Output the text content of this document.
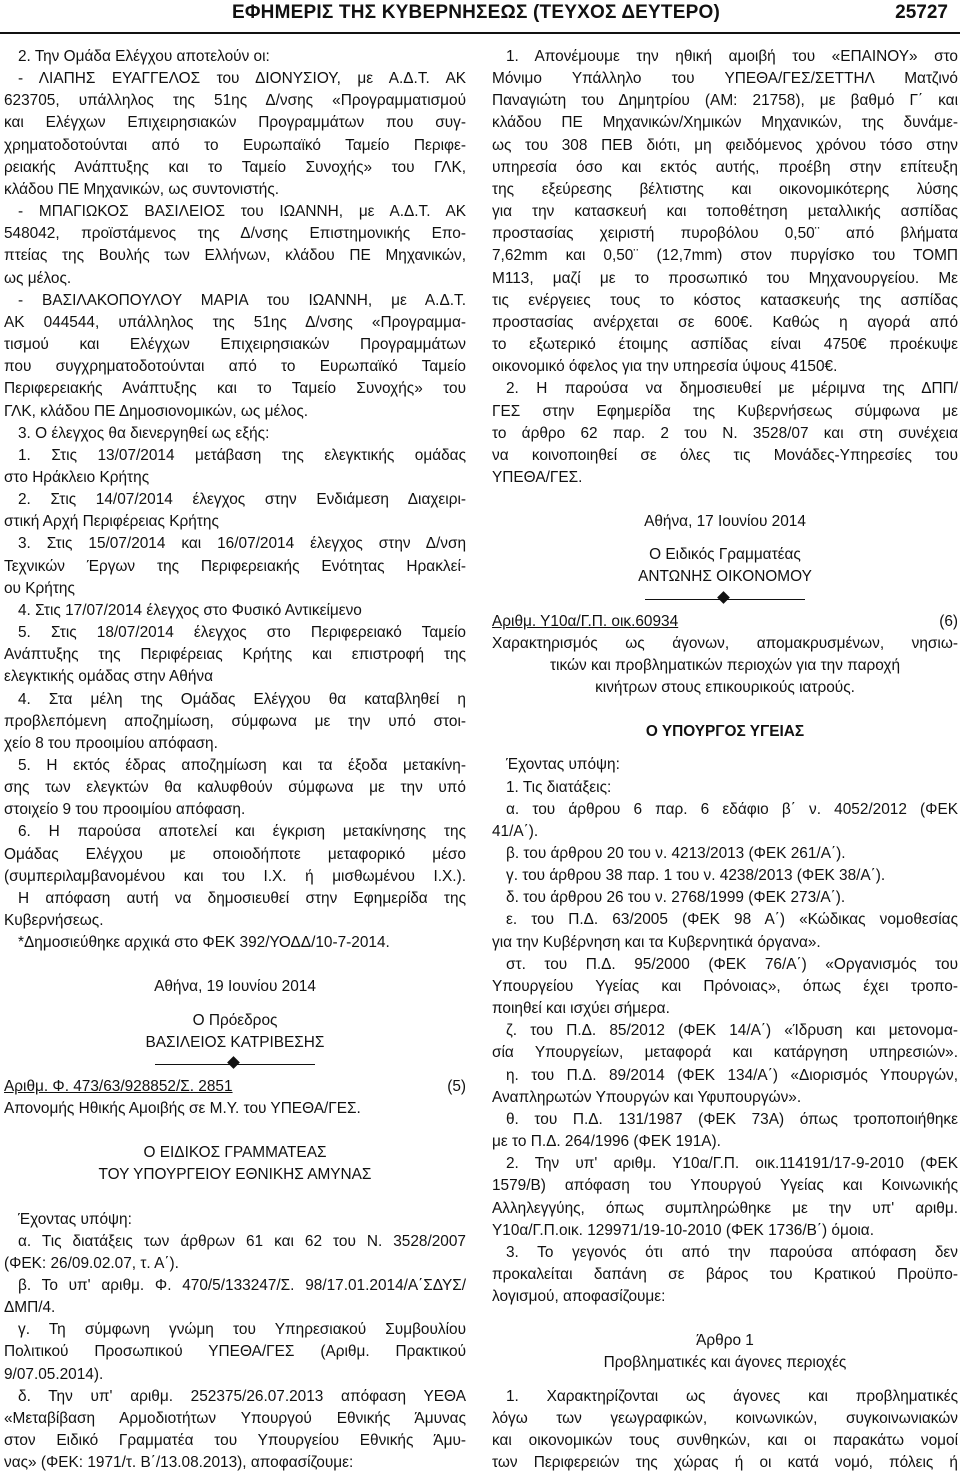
ΕΦΗΜΕΡΙΣ ΤΗΣ ΚΥΒΕΡΝΗΣΕΩΣ (ΤΕΥΧΟΣ ΔΕΥΤΕΡΟ)	25727

2. Την Ομάδα Ελέγχου αποτελούν οι:

- ΛΙΑΠΗΣ ΕΥΑΓΓΕΛΟΣ του ΔΙΟΝΥΣΙΟΥ, με Α.Δ.Τ. ΑΚ

623705, υπάλληλος της 51ης Δ/νσης «Προγραμματισμού

και Ελέγχων Επιχειρησιακών Προγραμμάτων που συγ-

χρηματοδοτούνται από το Ευρωπαϊκό Ταμείο Περιφε-

ρειακής Ανάπτυξης και το Ταμείο Συνοχής» του ΓΛΚ,

κλάδου ΠΕ Μηχανικών, ως συντονιστής.

- ΜΠΑΓΙΩΚΟΣ ΒΑΣΙΛΕΙΟΣ του ΙΩΑΝΝΗ, με Α.Δ.Τ. ΑΚ

548042, προϊστάμενος της Δ/νσης Επιστημονικής Επο-

πτείας της Βουλής των Ελλήνων, κλάδου ΠΕ Μηχανικών,

ως μέλος.

- ΒΑΣΙΛΑΚΟΠΟΥΛΟΥ ΜΑΡΙΑ του ΙΩΑΝΝΗ, με Α.Δ.Τ.

ΑΚ 044544, υπάλληλος της 51ης Δ/νσης «Προγραμμα-

τισμού και Ελέγχων Επιχειρησιακών Προγραμμάτων

που συγχρηματοδοτούνται από το Ευρωπαϊκό Ταμείο

Περιφερειακής Ανάπτυξης και το Ταμείο Συνοχής» του

ΓΛΚ, κλάδου ΠΕ Δημοσιονομικών, ως μέλος.

3. Ο έλεγχος θα διενεργηθεί ως εξής:

1. Στις 13/07/2014 μετάβαση της ελεγκτικής ομάδας

στο Ηράκλειο Κρήτης

2. Στις 14/07/2014 έλεγχος στην Ενδιάμεση Διαχειρι-

στική Αρχή Περιφέρειας Κρήτης

3. Στις 15/07/2014 και 16/07/2014 έλεγχος στην Δ/νση

Τεχνικών Έργων της Περιφερειακής Ενότητας Ηρακλεί-

ου Κρήτης

4. Στις 17/07/2014 έλεγχος στο Φυσικό Αντικείμενο

5. Στις 18/07/2014 έλεγχος στο Περιφερειακό Ταμείο

Ανάπτυξης της Περιφέρειας Κρήτης και επιστροφή της

ελεγκτικής ομάδας στην Αθήνα

4. Στα μέλη της Ομάδας Ελέγχου θα καταβληθεί η

προβλεπόμενη αποζημίωση, σύμφωνα με την υπό στοι-

χείο 8 του προοιμίου απόφαση.

5. Η εκτός έδρας αποζημίωση και τα έξοδα μετακίνη-

σης των ελεγκτών θα καλυφθούν σύμφωνα με την υπό

στοιχείο 9 του προοιμίου απόφαση.

6. Η παρούσα αποτελεί και έγκριση μετακίνησης της

Ομάδας Ελέγχου με οποιοδήποτε μεταφορικό μέσο

(συμπεριλαμβανομένου και του Ι.Χ. ή μισθωμένου Ι.Χ.).

Η απόφαση αυτή να δημοσιευθεί στην Εφημερίδα της

Κυβερνήσεως.

*Δημοσιεύθηκε αρχικά στο ΦΕΚ 392/ΥΟΔΔ/10-7-2014.

Αθήνα, 19 Ιουνίου 2014

Ο Πρόεδρος

ΒΑΣΙΛΕΙΟΣ ΚΑΤΡΙΒΕΣΗΣ

Αριθμ. Φ. 473/63/928852/Σ. 2851	(5)

Απονομής Ηθικής Αμοιβής σε Μ.Υ. του ΥΠΕΘΑ/ΓΕΣ.

Ο ΕΙΔΙΚΟΣ ΓΡΑΜΜΑΤΕΑΣ

ΤΟΥ ΥΠΟΥΡΓΕΙΟΥ ΕΘΝΙΚΗΣ ΑΜΥΝΑΣ

Έχοντας υπόψη:

α. Τις διατάξεις των άρθρων 61 και 62 του Ν. 3528/2007

(ΦΕΚ: 26/09.02.07, τ. Α΄).

β. Το υπ' αριθμ. Φ. 470/5/133247/Σ. 98/17.01.2014/Α΄ΣΔΥΣ/

ΔΜΠ/4.

γ. Τη σύμφωνη γνώμη του Υπηρεσιακού Συμβουλίου

Πολιτικού Προσωπικού ΥΠΕΘΑ/ΓΕΣ (Αριθμ. Πρακτικού

9/07.05.2014).

δ. Την υπ' αριθμ. 252375/26.07.2013 απόφαση ΥΕΘΑ

«Μεταβίβαση Αρμοδιοτήτων Υπουργού Εθνικής Άμυνας

στον Ειδικό Γραμματέα του Υπουργείου Εθνικής Άμυ-

νας» (ΦΕΚ: 1971/τ. Β΄/13.08.2013), αποφασίζουμε:

1. Απονέμουμε την ηθική αμοιβή του «ΕΠΑΙΝΟΥ» στο

Μόνιμο Υπάλληλο του ΥΠΕΘΑ/ΓΕΣ/ΣΕΤΤΗΛ Ματζινό

Παναγιώτη του Δημητρίου (ΑΜ: 21758), με βαθμό Γ΄ και

κλάδου ΠΕ Μηχανικών/Χημικών Μηχανικών, της δυνάμε-

ως του 308 ΠΕΒ διότι, μη φειδόμενος χρόνου τόσο στην

υπηρεσία όσο και εκτός αυτής, προέβη στην επίτευξη

της εξεύρεσης βέλτιστης και οικονομικότερης λύσης

για την κατασκευή και τοποθέτηση μεταλλικής ασπίδας

προστασίας χειριστή πυροβόλου 0,50¨ από βλήματα

7,62mm και 0,50¨ (12,7mm) στον πυργίσκο του ΤΟΜΠ

Μ113, μαζί με το προσωπικό του Μηχανουργείου. Με

τις ενέργειες τους το κόστος κατασκευής της ασπίδας

προστασίας ανέρχεται σε 600€. Καθώς η αγορά από

το εξωτερικό έτοιμης ασπίδας είναι 4750€ προέκυψε

οικονομικό όφελος για την υπηρεσία ύψους 4150€.

2. Η παρούσα να δημοσιευθεί με μέριμνα της ΔΠΠ/

ΓΕΣ στην Εφημερίδα της Κυβερνήσεως σύμφωνα με

το άρθρο 62 παρ. 2 του Ν. 3528/07 και στη συνέχεια

να κοινοποιηθεί σε όλες τις Μονάδες-Υπηρεσίες του

ΥΠΕΘΑ/ΓΕΣ.

Αθήνα, 17 Ιουνίου 2014

Ο Ειδικός Γραμματέας

ΑΝΤΩΝΗΣ ΟΙΚΟΝΟΜΟΥ

Αριθμ. Υ10α/Γ.Π. οικ.60934	(6)

Χαρακτηρισμός ως άγονων, απομακρυσμένων, νησιω-

τικών και προβληματικών περιοχών για την παροχή

κινήτρων στους επικουρικούς ιατρούς.

Ο ΥΠΟΥΡΓΟΣ ΥΓΕΙΑΣ

Έχοντας υπόψη:

1. Τις διατάξεις:

α. του άρθρου 6 παρ. 6 εδάφιο β΄ ν. 4052/2012 (ΦΕΚ

41/Α΄).

β. του άρθρου 20 του ν. 4213/2013 (ΦΕΚ 261/Α΄).

γ. του άρθρου 38 παρ. 1 του ν. 4238/2013 (ΦΕΚ 38/Α΄).

δ. του άρθρου 26 του ν. 2768/1999 (ΦΕΚ 273/Α΄).

ε. του Π.Δ. 63/2005 (ΦΕΚ 98 Α΄) «Κώδικας νομοθεσίας

για την Κυβέρνηση και τα Κυβερνητικά όργανα».

στ. του Π.Δ. 95/2000 (ΦΕΚ 76/Α΄) «Οργανισμός του

Υπουργείου Υγείας και Πρόνοιας», όπως έχει τροπο-

ποιηθεί και ισχύει σήμερα.

ζ. του Π.Δ. 85/2012 (ΦΕΚ 14/Α΄) «Ίδρυση και μετονομα-

σία Υπουργείων, μεταφορά και κατάργηση υπηρεσιών».

η. του Π.Δ. 89/2014 (ΦΕΚ 134/Α΄) «Διορισμός Υπουργών,

Αναπληρωτών Υπουργών και Υφυπουργών».

θ. του Π.Δ. 131/1987 (ΦΕΚ 73Α) όπως τροποποιήθηκε

με το Π.Δ. 264/1996 (ΦΕΚ 191Α).

2. Την υπ' αριθμ. Υ10α/Γ.Π. οικ.114191/17-9-2010 (ΦΕΚ

1579/Β) απόφαση του Υπουργού Υγείας και Κοινωνικής

Αλληλεγγύης, όπως συμπληρώθηκε με την υπ' αριθμ.

Υ10α/Γ.Π.οικ. 129971/19-10-2010 (ΦΕΚ 1736/Β΄) όμοια.

3. Το γεγονός ότι από την παρούσα απόφαση δεν

προκαλείται δαπάνη σε βάρος του Κρατικού Προϋπο-

λογισμού, αποφασίζουμε:

Άρθρο 1

Προβληματικές και άγονες περιοχές

1. Χαρακτηρίζονται ως άγονες και προβληματικές

λόγω των γεωγραφικών, κοινωνικών, συγκοινωνιακών

και οικονομικών τους συνθηκών, και οι παρακάτω νομοί

των Περιφερειών της χώρας ή οι κατά νομό, πόλεις ή
